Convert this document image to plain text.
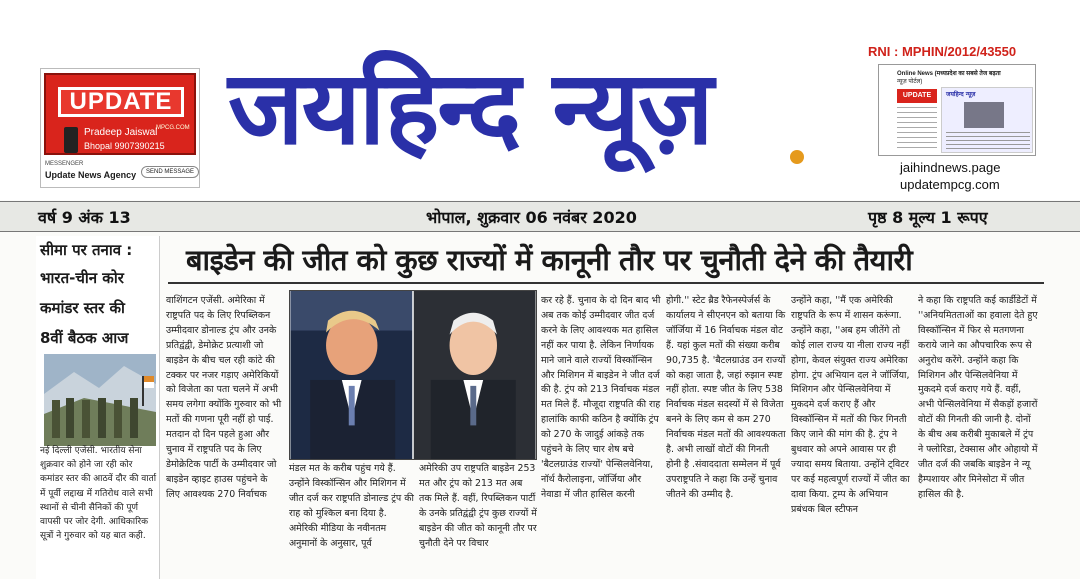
UPDATE
MPCG.COM
Pradeep Jaiswal
Bhopal 9907390215
MESSENGER
Update News Agency	SEND MESSAGE
जयहिन्द न्यूज़	RNI : MPHIN/2012/43550
Online News (मध्यप्रदेश का सबसे तेज बढ़ता
न्यूज़ पोर्टल)
UPDATE	जयहिन्द न्यूज़
jaihindnews.page
updatempcg.com
वर्ष 9 अंक 13	भोपाल, शुक्रवार 06 नवंबर 2020	पृष्ठ 8 मूल्य 1 रूपए
सीमा पर तनाव :
भारत-चीन कोर
कमांडर स्तर की
8वीं बैठक आज
नई दिल्ली एजेंसी. भारतीय सेना शुक्रवार को होने जा रही कोर कमांडर स्तर की आठवें दौर की वार्ता में पूर्वी लद्दाख में गतिरोध वाले सभी स्थानों से चीनी सैनिकों की पूर्ण वापसी पर जोर देगी. आधिकारिक सूत्रों ने गुरुवार को यह बात कही.
बाइडेन की जीत को कुछ राज्यों में कानूनी तौर पर चुनौती देने की तैयारी
वाशिंगटन एजेंसी. अमेरिका में राष्ट्रपति पद के लिए रिपब्लिकन उम्मीदवार डोनाल्ड ट्रंप और उनके प्रतिद्वंद्वी, डेमोक्रेट प्रत्याशी जो बाइडेन के बीच चल रही कांटे की टक्कर पर नजर गड़ाए अमेरिकियों को विजेता का पता चलने में अभी समय लगेगा क्योंकि गुरुवार को भी मतों की गणना पूरी नहीं हो पाई. मतदान दो दिन पहले हुआ और चुनाव में राष्ट्रपति पद के लिए डेमोक्रेटिक पार्टी के उम्मीदवार जो बाइडेन व्हाइट हाउस पहुंचने के लिए आवश्यक 270 निर्वाचक
मंडल मत के करीब पहुंच गये हैं. उन्होंने विस्कॉन्सिन और मिशिगन में जीत दर्ज कर राष्ट्रपति डोनाल्ड ट्रंप की राह को मुश्किल बना दिया है. अमेरिकी मीडिया के नवीनतम अनुमानों के अनुसार, पूर्व
अमेरिकी उप राष्ट्रपति बाइडेन 253 मत और ट्रंप को 213 मत अब तक मिले हैं. वहीं, रिपब्लिकन पार्टी के उनके प्रतिद्वंद्वी ट्रंप कुछ राज्यों में बाइडेन की जीत को कानूनी तौर पर चुनौती देने पर विचार
कर रहे हैं. चुनाव के दो दिन बाद भी अब तक कोई उम्मीदवार जीत दर्ज करने के लिए आवश्यक मत हासिल नहीं कर पाया है. लेकिन निर्णायक माने जाने वाले राज्यों विस्कॉन्सिन और मिशिगन में बाइडेन ने जीत दर्ज की है. ट्रंप को 213 निर्वाचक मंडल मत मिले हैं. मौजूदा राष्ट्रपति की राह हालांकि काफी कठिन है क्योंकि ट्रंप को 270 के जादुई आंकड़े तक पहुंचने के लिए चार शेष बचे 'बैटलग्राउंड राज्यों' पेन्सिलवेनिया, नॉर्थ कैरोलाइना, जॉर्जिया और नेवाडा में जीत हासिल करनी
होगी.'' स्टेट ब्रैड रैफेनस्पेर्जर्स के कार्यालय ने सीएनएन को बताया कि जॉर्जिया में 16 निर्वाचक मंडल वोट हैं. यहां कुल मतों की संख्या करीब 90,735 है. 'बैटलग्राउंड उन राज्यों को कहा जाता है, जहां रुझान स्पष्ट नहीं होता. स्पष्ट जीत के लिए 538 निर्वाचक मंडल सदस्यों में से विजेता बनने के लिए कम से कम 270 निर्वाचक मंडल मतों की आवश्यकता है. अभी लाखों वोटों की गिनती होनी है .संवाददाता सम्मेलन में पूर्व उपराष्ट्रपति ने कहा कि उन्हें चुनाव जीतने की उम्मीद है.
उन्होंने कहा, ''मैं एक अमेरिकी राष्ट्रपति के रूप में शासन करूंगा. उन्होंने कहा, ''अब हम जीतेंगे तो कोई लाल राज्य या नीला राज्य नहीं होगा, केवल संयुक्त राज्य अमेरिका होगा. ट्रंप अभियान दल ने जॉर्जिया, मिशिगन और पेन्सिलवेनिया में मुकदमे दर्ज कराए हैं और विस्कॉन्सिन में मतों की फिर गिनती किए जाने की मांग की है. ट्रंप ने बुधवार को अपने आवास पर ही ज्यादा समय बिताया. उन्होंने ट्विटर पर कई महत्वपूर्ण राज्यों में जीत का दावा किया. ट्रम्प के अभियान प्रबंधक बिल स्टीफन
ने कहा कि राष्ट्रपति कई कार्डीडेटों में ''अनियमितताओं का हवाला देते हुए विस्कॉन्सिन में फिर से मतगणना कराये जाने का औपचारिक रूप से अनुरोध करेंगे. उन्होंने कहा कि मिशिगन और पेन्सिलवेनिया में मुकदमे दर्ज कराए गये हैं. वहीं, अभी पेन्सिलवेनिया में सैकड़ों हजारों वोटों की गिनती की जानी है. दोनों के बीच अब करीबी मुकाबले में ट्रंप ने फ्लोरिडा, टेक्सास और ओहायो में जीत दर्ज की जबकि बाइडेन ने न्यू हैम्पशायर और मिनेसोटा में जीत हासिल की है.
